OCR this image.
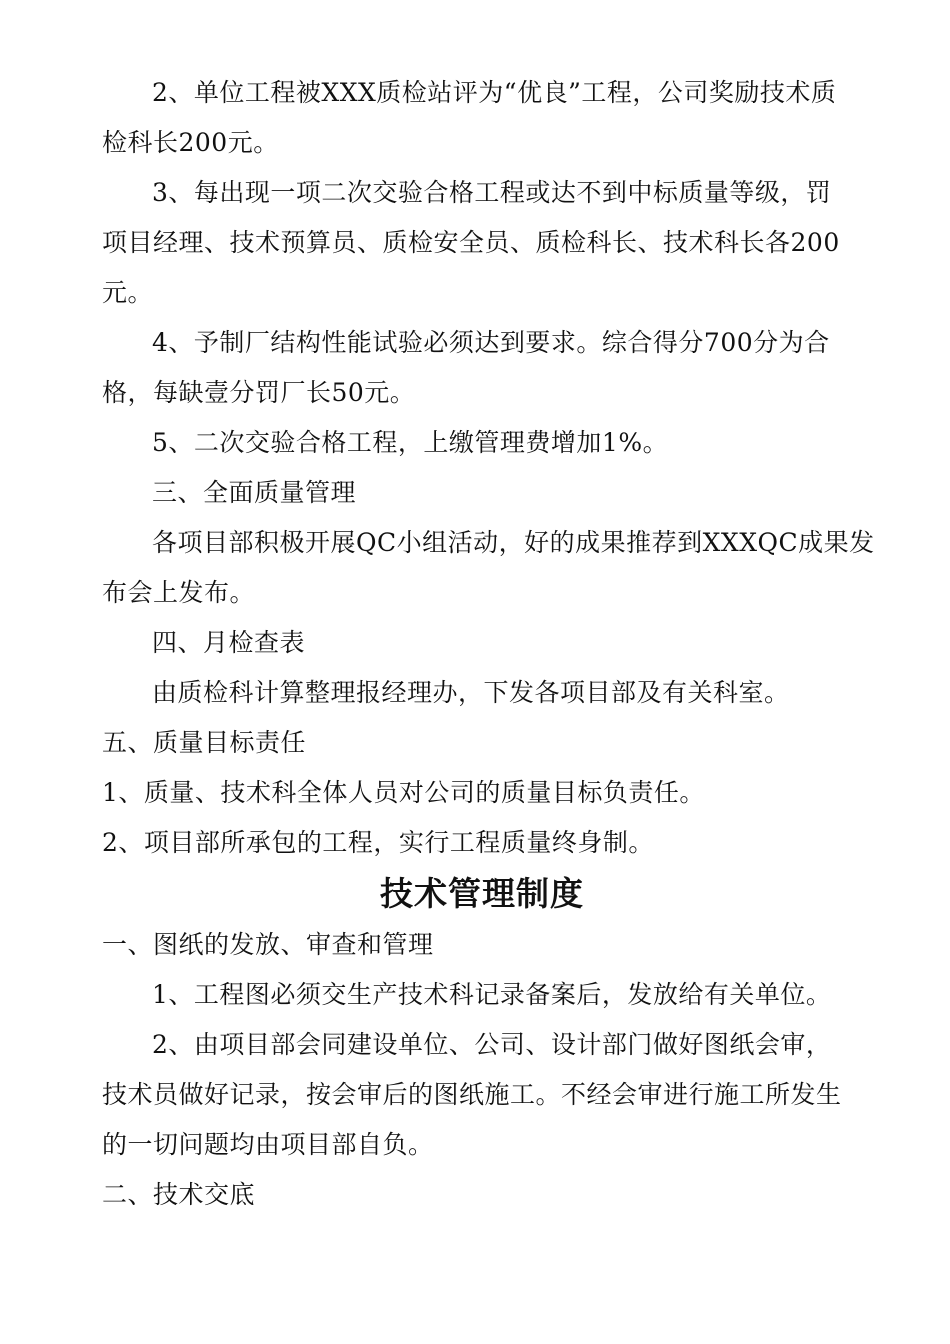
2、单位工程被XXX质检站评为“优良”工程，公司奖励技术质
检科长200元。
3、每出现一项二次交验合格工程或达不到中标质量等级，罚
项目经理、技术预算员、质检安全员、质检科长、技术科长各200
元。
4、予制厂结构性能试验必须达到要求。综合得分700分为合
格，每缺壹分罚厂长50元。
5、二次交验合格工程，上缴管理费增加1%。
三、全面质量管理
各项目部积极开展QC小组活动，好的成果推荐到XXXQC成果发
布会上发布。
四、月检查表
由质检科计算整理报经理办，下发各项目部及有关科室。
五、质量目标责任
1、质量、技术科全体人员对公司的质量目标负责任。
2、项目部所承包的工程，实行工程质量终身制。
技术管理制度
一、图纸的发放、审查和管理
1、工程图必须交生产技术科记录备案后，发放给有关单位。
2、由项目部会同建设单位、公司、设计部门做好图纸会审，
技术员做好记录，按会审后的图纸施工。不经会审进行施工所发生
的一切问题均由项目部自负。
二、技术交底
